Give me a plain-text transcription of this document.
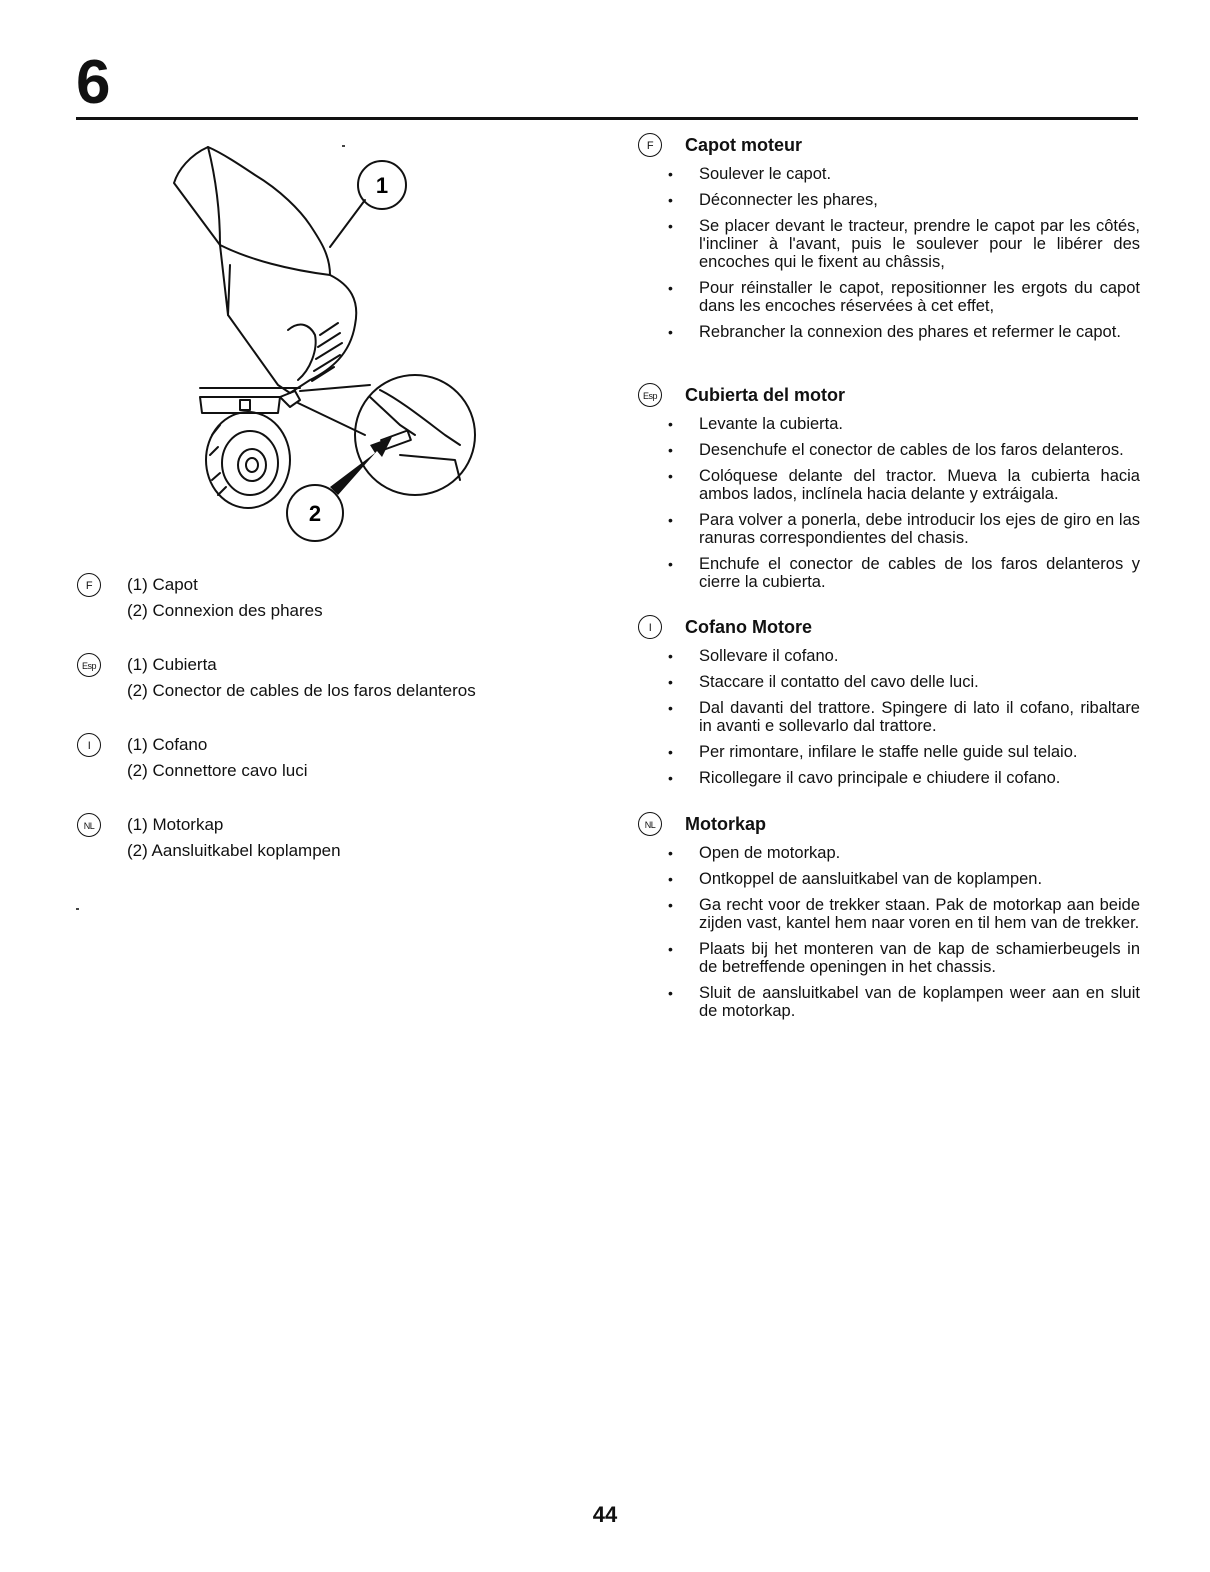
6
1
2
F	(1) Capot
(2) Connexion des phares
Esp (1) Cubierta
(2) Conector de cables de los faros delanteros
I	(1) Cofano
(2) Connettore cavo luci
NL	(1) Motorkap
(2) Aansluitkabel koplampen
F	Capot moteur
• Soulever le capot.
• Déconnecter les phares,
• Se placer devant le tracteur, prendre le capot par les côtés, l'incliner à l'avant, puis le soulever pour le libérer des encoches qui le fixent au châssis,
• Pour réinstaller le capot, repositionner les ergots du capot dans les encoches réservées à cet effet,
• Rebrancher la connexion des phares et refermer le capot.
Esp Cubierta del motor
• Levante la cubierta.
• Desenchufe el conector de cables de los faros delanteros.
• Colóquese delante del tractor. Mueva la cubierta hacia ambos lados, inclínela hacia delante y extráigala.
• Para volver a ponerla, debe introducir los ejes de giro en las ranuras correspondientes del chasis.
• Enchufe el conector de cables de los faros delanteros y cierre la cubierta.
I	Cofano Motore
• Sollevare il cofano.
• Staccare il contatto del cavo delle luci.
• Dal davanti del trattore. Spingere di lato il cofano, ribaltare in avanti e sollevarlo dal trattore.
• Per rimontare, infilare le staffe nelle guide sul telaio.
• Ricollegare il cavo principale e chiudere il cofano.
NL	Motorkap
• Open de motorkap.
• Ontkoppel de aansluitkabel van de koplampen.
• Ga recht voor de trekker staan. Pak de motorkap aan beide zijden vast, kantel hem naar voren en til hem van de trekker.
• Plaats bij het monteren van de kap de schamierbeugels in de betreffende openingen in het chassis.
• Sluit de aansluitkabel van de koplampen weer aan en sluit de motorkap.
44
